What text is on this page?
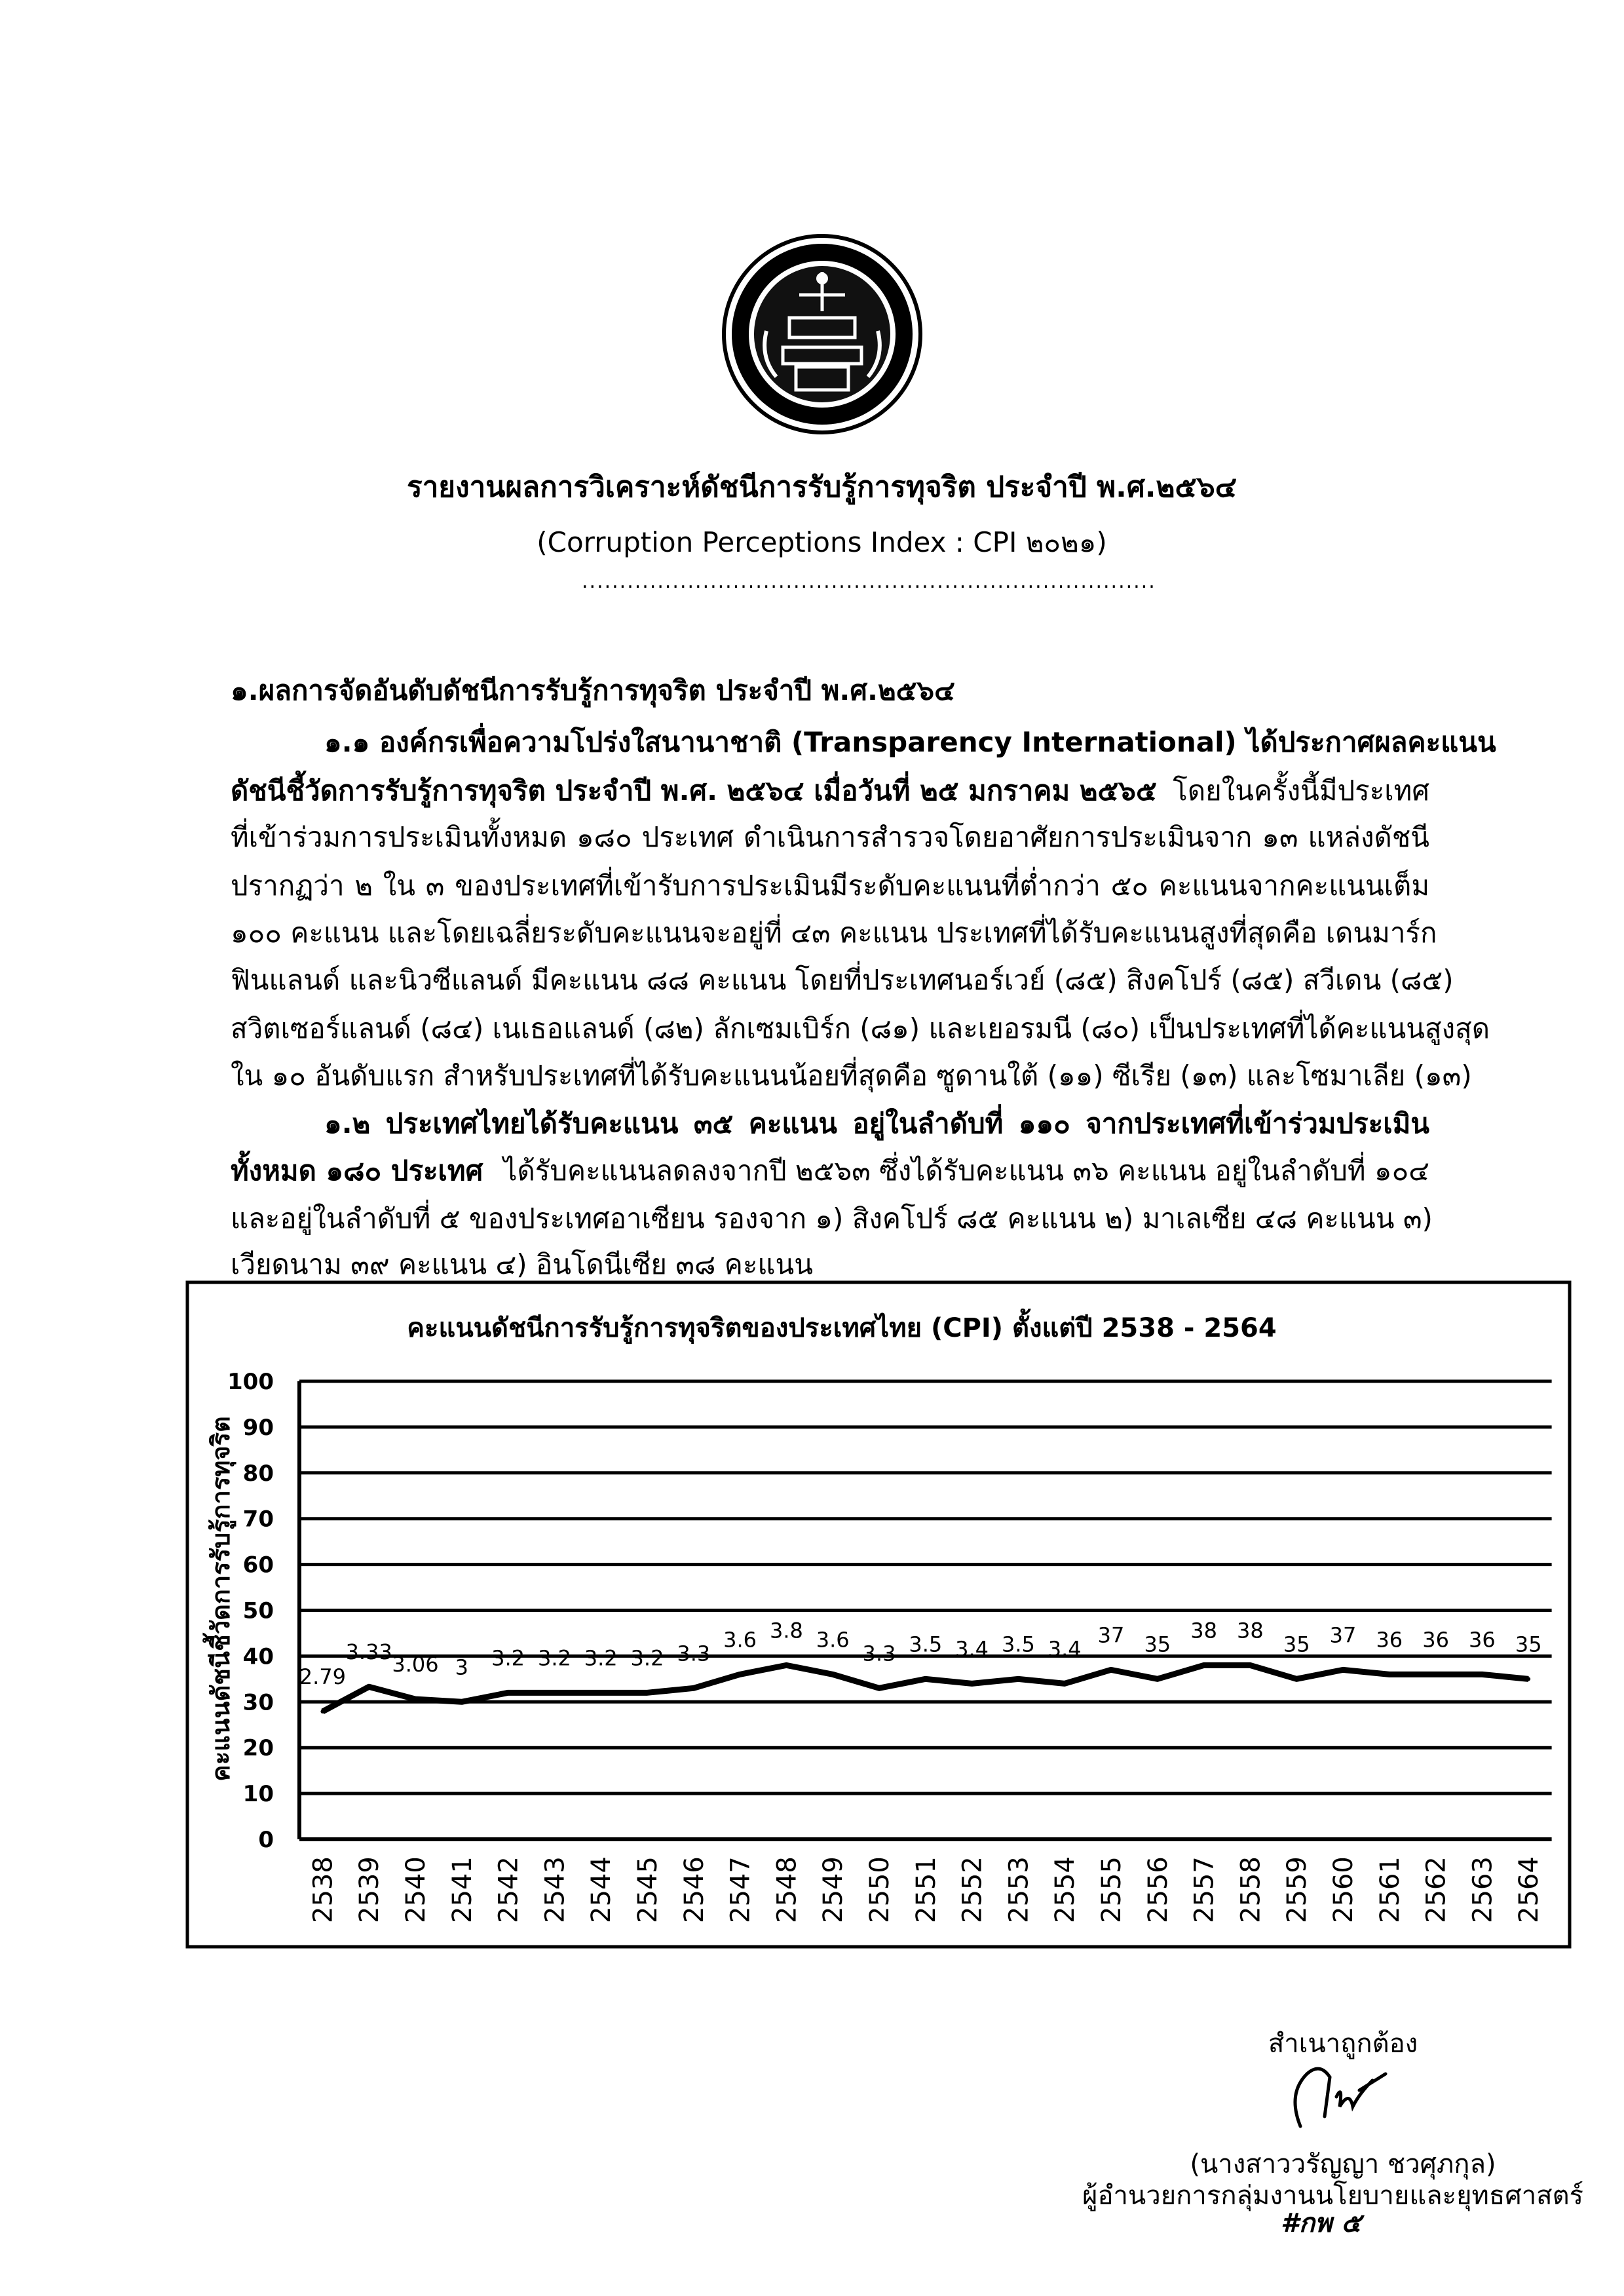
รายงานผลการวิเคราะห์ดัชนีการรับรู้การทุจริต ประจำปี พ.ศ.๒๕๖๔
(Corruption Perceptions Index : CPI ๒๐๒๑)
............................................................................
๑.ผลการจัดอันดับดัชนีการรับรู้การทุจริต ประจำปี พ.ศ.๒๕๖๔
๑.๑ องค์กรเพื่อความโปร่งใสนานาชาติ (Transparency International) ได้ประกาศผลคะแนน
ดัชนีชี้วัดการรับรู้การทุจริต ประจำปี พ.ศ. ๒๕๖๔ เมื่อวันที่ ๒๕ มกราคม ๒๕๖๕ โดยในครั้งนี้มีประเทศ
ที่เข้าร่วมการประเมินทั้งหมด ๑๘๐ ประเทศ ดำเนินการสำรวจโดยอาศัยการประเมินจาก ๑๓ แหล่งดัชนี
ปรากฏว่า ๒ ใน ๓ ของประเทศที่เข้ารับการประเมินมีระดับคะแนนที่ต่ำกว่า ๕๐ คะแนนจากคะแนนเต็ม
๑๐๐ คะแนน และโดยเฉลี่ยระดับคะแนนจะอยู่ที่ ๔๓ คะแนน ประเทศที่ได้รับคะแนนสูงที่สุดคือ เดนมาร์ก
ฟินแลนด์ และนิวซีแลนด์ มีคะแนน ๘๘ คะแนน โดยที่ประเทศนอร์เวย์ (๘๕) สิงคโปร์ (๘๕) สวีเดน (๘๕)
สวิตเซอร์แลนด์ (๘๔) เนเธอแลนด์ (๘๒) ลักเซมเบิร์ก (๘๑) และเยอรมนี (๘๐) เป็นประเทศที่ได้คะแนนสูงสุด
ใน ๑๐ อันดับแรก สำหรับประเทศที่ได้รับคะแนนน้อยที่สุดคือ ซูดานใต้ (๑๑) ซีเรีย (๑๓) และโซมาเลีย (๑๓)
๑.๒ ประเทศไทยได้รับคะแนน ๓๕ คะแนน อยู่ในลำดับที่ ๑๑๐ จากประเทศที่เข้าร่วมประเมิน
ทั้งหมด ๑๘๐ ประเทศ ได้รับคะแนนลดลงจากปี ๒๕๖๓ ซึ่งได้รับคะแนน ๓๖ คะแนน อยู่ในลำดับที่ ๑๐๔
และอยู่ในลำดับที่ ๕ ของประเทศอาเซียน รองจาก ๑) สิงคโปร์ ๘๕ คะแนน ๒) มาเลเซีย ๔๘ คะแนน ๓)
เวียดนาม ๓๙ คะแนน ๔) อินโดนีเซีย ๓๘ คะแนน
คะแนนดัชนีการรับรู้การทุจริตของประเทศไทย (CPI) ตั้งแต่ปี 2538 - 2564
คะแนนดัชนีชี้วัดการรับรู้การทุจริต
0
10
20
30
40
50
60
70
80
90
100
2538 2539 2540 2541 2542 2543 2544 2545 2546 2547 2548 2549 2550 2551 2552 2553 2554 2555 2556 2557 2558 2559 2560 2561 2562 2563 2564
2.79
3.33 3.06 3 3.2 3.2 3.2 3.2 3.3
3.6 3.8 3.6
3.3 3.5 3.4 3.5 3.4
37 35
38 38
35 37 36 36 36 35
สำเนาถูกต้อง
(นางสาววรัญญา ชวศุภกุล)
ผู้อำนวยการกลุ่มงานนโยบายและยุทธศาสตร์
#กพ ๕
